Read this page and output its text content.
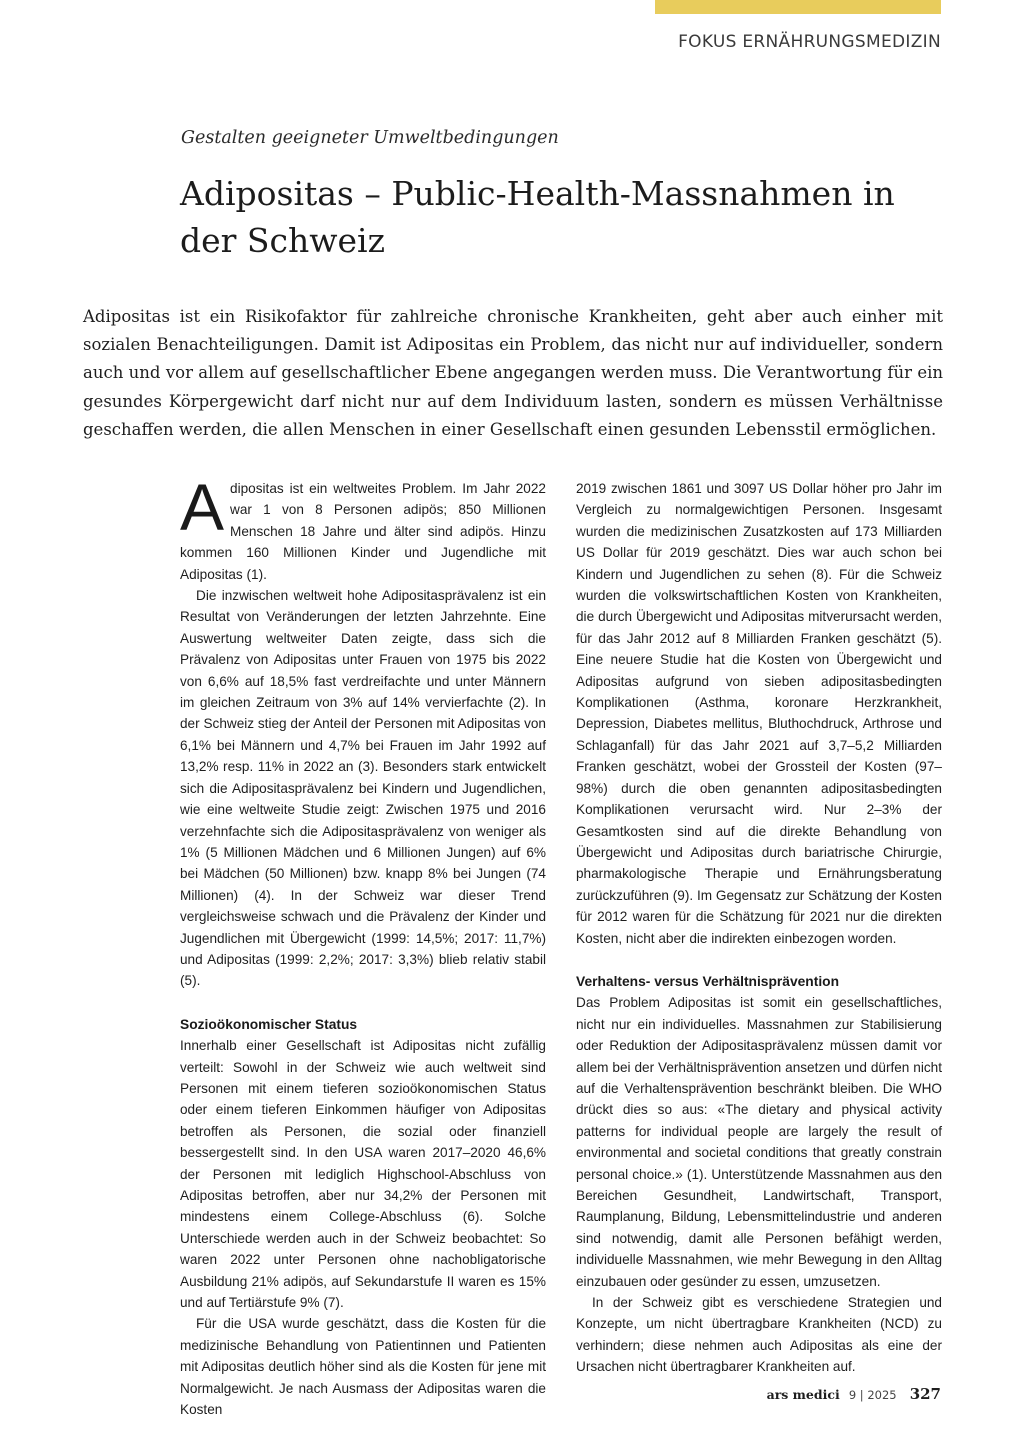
FOKUS ERNÄHRUNGSMEDIZIN

Gestalten geeigneter Umweltbedingungen

Adipositas – Public-Health-Massnahmen in der Schweiz

Adipositas ist ein Risikofaktor für zahlreiche chronische Krankheiten, geht aber auch einher mit sozialen Benachteiligungen. Damit ist Adipositas ein Problem, das nicht nur auf individueller, sondern auch und vor allem auf gesellschaftlicher Ebene angegangen werden muss. Die Verantwortung für ein gesundes Körpergewicht darf nicht nur auf dem Individuum lasten, sondern es müssen Verhältnisse geschaffen werden, die allen Menschen in einer Gesellschaft einen gesunden Lebensstil ermöglichen.

Adipositas ist ein weltweites Problem. Im Jahr 2022 war 1 von 8 Personen adipös; 850 Millionen Menschen 18 Jahre und älter sind adipös. Hinzu kommen 160 Millionen Kinder und Jugendliche mit Adipositas (1).

Die inzwischen weltweit hohe Adipositasprävalenz ist ein Resultat von Veränderungen der letzten Jahrzehnte. Eine Auswertung weltweiter Daten zeigte, dass sich die Prävalenz von Adipositas unter Frauen von 1975 bis 2022 von 6,6% auf 18,5% fast verdreifachte und unter Männern im gleichen Zeitraum von 3% auf 14% vervierfachte (2). In der Schweiz stieg der Anteil der Personen mit Adipositas von 6,1% bei Männern und 4,7% bei Frauen im Jahr 1992 auf 13,2% resp. 11% in 2022 an (3). Besonders stark entwickelt sich die Adipositasprävalenz bei Kindern und Jugendlichen, wie eine weltweite Studie zeigt: Zwischen 1975 und 2016 verzehnfachte sich die Adipositasprävalenz von weniger als 1% (5 Millionen Mädchen und 6 Millionen Jungen) auf 6% bei Mädchen (50 Millionen) bzw. knapp 8% bei Jungen (74 Millionen) (4). In der Schweiz war dieser Trend vergleichsweise schwach und die Prävalenz der Kinder und Jugendlichen mit Übergewicht (1999: 14,5%; 2017: 11,7%) und Adipositas (1999: 2,2%; 2017: 3,3%) blieb relativ stabil (5).

Sozioökonomischer Status

Innerhalb einer Gesellschaft ist Adipositas nicht zufällig verteilt: Sowohl in der Schweiz wie auch weltweit sind Personen mit einem tieferen sozioökonomischen Status oder einem tieferen Einkommen häufiger von Adipositas betroffen als Personen, die sozial oder finanziell bessergestellt sind. In den USA waren 2017–2020 46,6% der Personen mit lediglich Highschool-Abschluss von Adipositas betroffen, aber nur 34,2% der Personen mit mindestens einem College-Abschluss (6). Solche Unterschiede werden auch in der Schweiz beobachtet: So waren 2022 unter Personen ohne nachobligatorische Ausbildung 21% adipös, auf Sekundarstufe II waren es 15% und auf Tertiärstufe 9% (7).

Für die USA wurde geschätzt, dass die Kosten für die medizinische Behandlung von Patientinnen und Patienten mit Adipositas deutlich höher sind als die Kosten für jene mit Normalgewicht. Je nach Ausmass der Adipositas waren die Kosten

2019 zwischen 1861 und 3097 US Dollar höher pro Jahr im Vergleich zu normalgewichtigen Personen. Insgesamt wurden die medizinischen Zusatzkosten auf 173 Milliarden US Dollar für 2019 geschätzt. Dies war auch schon bei Kindern und Jugendlichen zu sehen (8). Für die Schweiz wurden die volkswirtschaftlichen Kosten von Krankheiten, die durch Übergewicht und Adipositas mitverursacht werden, für das Jahr 2012 auf 8 Milliarden Franken geschätzt (5). Eine neuere Studie hat die Kosten von Übergewicht und Adipositas aufgrund von sieben adipositasbedingten Komplikationen (Asthma, koronare Herzkrankheit, Depression, Diabetes mellitus, Bluthochdruck, Arthrose und Schlaganfall) für das Jahr 2021 auf 3,7–5,2 Milliarden Franken geschätzt, wobei der Grossteil der Kosten (97–98%) durch die oben genannten adipositasbedingten Komplikationen verursacht wird. Nur 2–3% der Gesamtkosten sind auf die direkte Behandlung von Übergewicht und Adipositas durch bariatrische Chirurgie, pharmakologische Therapie und Ernährungsberatung zurückzuführen (9). Im Gegensatz zur Schätzung der Kosten für 2012 waren für die Schätzung für 2021 nur die direkten Kosten, nicht aber die indirekten einbezogen worden.

Verhaltens- versus Verhältnisprävention

Das Problem Adipositas ist somit ein gesellschaftliches, nicht nur ein individuelles. Massnahmen zur Stabilisierung oder Reduktion der Adipositasprävalenz müssen damit vor allem bei der Verhältnisprävention ansetzen und dürfen nicht auf die Verhaltensprävention beschränkt bleiben. Die WHO drückt dies so aus: «The dietary and physical activity patterns for individual people are largely the result of environmental and societal conditions that greatly constrain personal choice.» (1). Unterstützende Massnahmen aus den Bereichen Gesundheit, Landwirtschaft, Transport, Raumplanung, Bildung, Lebensmittelindustrie und anderen sind notwendig, damit alle Personen befähigt werden, individuelle Massnahmen, wie mehr Bewegung in den Alltag einzubauen oder gesünder zu essen, umzusetzen.

In der Schweiz gibt es verschiedene Strategien und Konzepte, um nicht übertragbare Krankheiten (NCD) zu verhindern; diese nehmen auch Adipositas als eine der Ursachen nicht übertragbarer Krankheiten auf.

ars medici 9 | 2025 327
